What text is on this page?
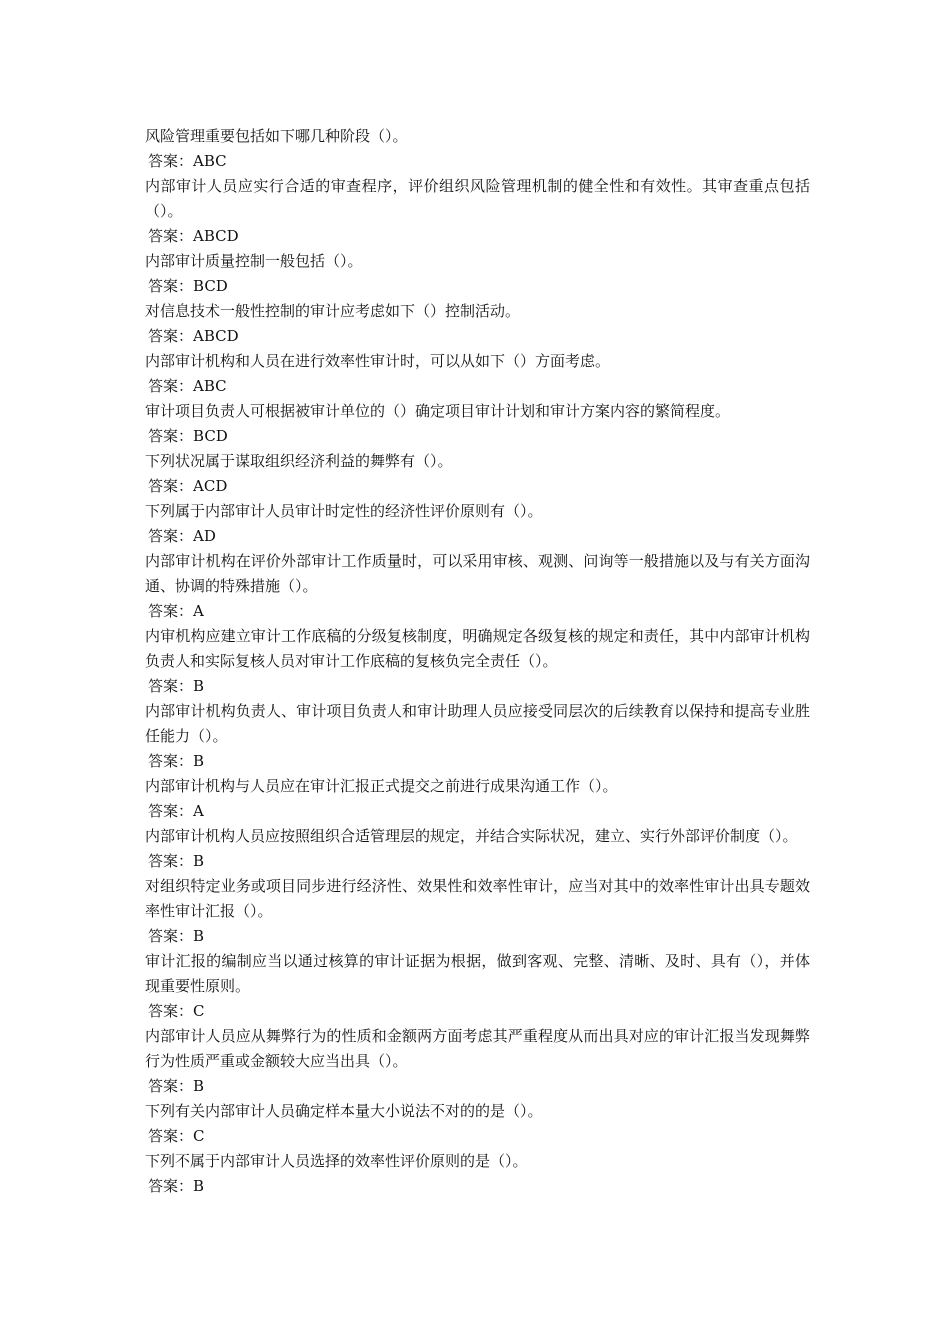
风险管理重要包括如下哪几种阶段（）。

答案：ABC

内部审计人员应实行合适的审查程序，评价组织风险管理机制的健全性和有效性。其审查重点包括（）。

答案：ABCD

内部审计质量控制一般包括（）。

答案：BCD

对信息技术一般性控制的审计应考虑如下（）控制活动。

答案：ABCD

内部审计机构和人员在进行效率性审计时，可以从如下（）方面考虑。

答案：ABC

审计项目负责人可根据被审计单位的（）确定项目审计计划和审计方案内容的繁简程度。

答案：BCD

下列状况属于谋取组织经济利益的舞弊有（）。

答案：ACD

下列属于内部审计人员审计时定性的经济性评价原则有（）。

答案：AD

内部审计机构在评价外部审计工作质量时，可以采用审核、观测、问询等一般措施以及与有关方面沟通、协调的特殊措施（）。

答案：A

内审机构应建立审计工作底稿的分级复核制度，明确规定各级复核的规定和责任，其中内部审计机构负责人和实际复核人员对审计工作底稿的复核负完全责任（）。

答案：B

内部审计机构负责人、审计项目负责人和审计助理人员应接受同层次的后续教育以保持和提高专业胜任能力（）。

答案：B

内部审计机构与人员应在审计汇报正式提交之前进行成果沟通工作（）。

答案：A

内部审计机构人员应按照组织合适管理层的规定，并结合实际状况，建立、实行外部评价制度（）。

答案：B

对组织特定业务或项目同步进行经济性、效果性和效率性审计，应当对其中的效率性审计出具专题效率性审计汇报（）。

答案：B

审计汇报的编制应当以通过核算的审计证据为根据，做到客观、完整、清晰、及时、具有（），并体现重要性原则。

答案：C

内部审计人员应从舞弊行为的性质和金额两方面考虑其严重程度从而出具对应的审计汇报当发现舞弊行为性质严重或金额较大应当出具（）。

答案：B

下列有关内部审计人员确定样本量大小说法不对的的是（）。

答案：C

下列不属于内部审计人员选择的效率性评价原则的是（）。

答案：B
